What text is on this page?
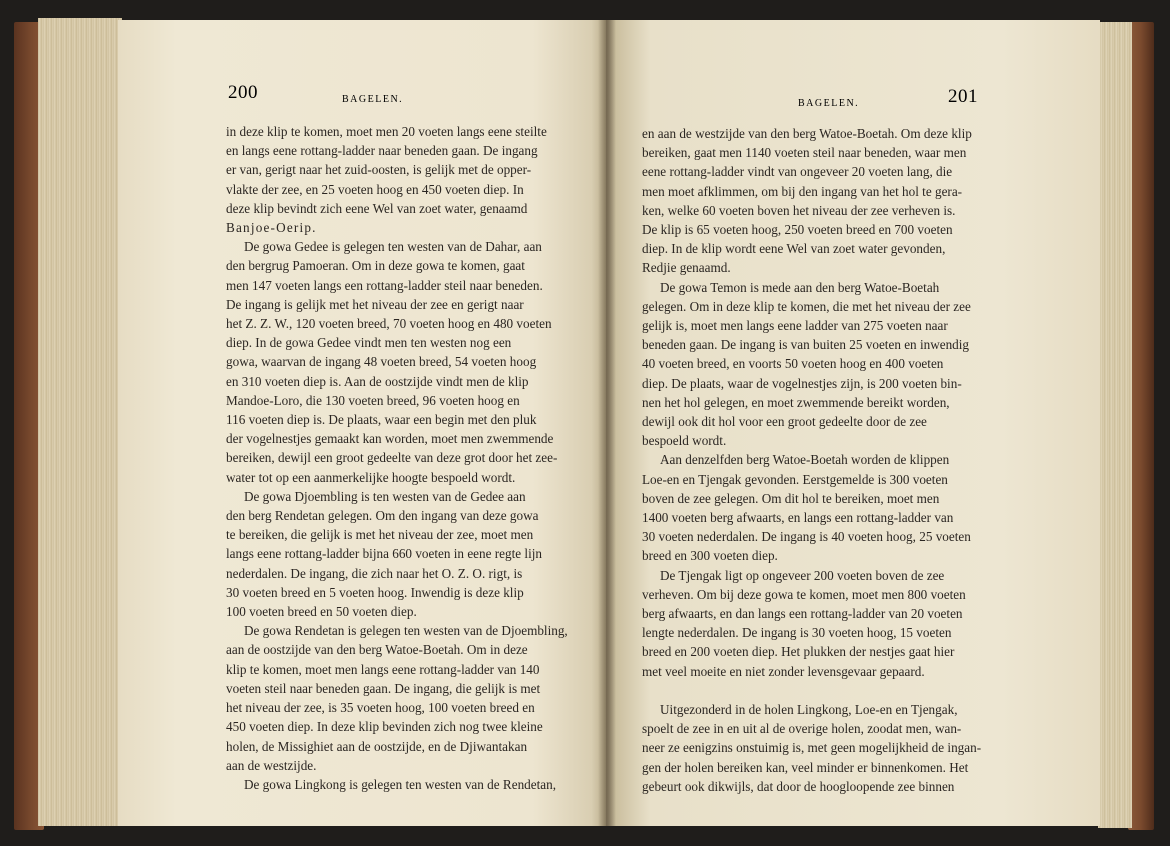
200	BAGELEN.
in deze klip te komen, moet men 20 voeten langs eene steilte
en langs eene rottang-ladder naar beneden gaan. De ingang
er van, gerigt naar het zuid-oosten, is gelijk met de opper-
vlakte der zee, en 25 voeten hoog en 450 voeten diep. In
deze klip bevindt zich eene Wel van zoet water, genaamd
Banjoe-Oerip.
De gowa Gedee is gelegen ten westen van de Dahar, aan
den bergrug Pamoeran. Om in deze gowa te komen, gaat
men 147 voeten langs een rottang-ladder steil naar beneden.
De ingang is gelijk met het niveau der zee en gerigt naar
het Z. Z. W., 120 voeten breed, 70 voeten hoog en 480 voeten
diep. In de gowa Gedee vindt men ten westen nog een
gowa, waarvan de ingang 48 voeten breed, 54 voeten hoog
en 310 voeten diep is. Aan de oostzijde vindt men de klip
Mandoe-Loro, die 130 voeten breed, 96 voeten hoog en
116 voeten diep is. De plaats, waar een begin met den pluk
der vogelnestjes gemaakt kan worden, moet men zwemmende
bereiken, dewijl een groot gedeelte van deze grot door het zee-
water tot op een aanmerkelijke hoogte bespoeld wordt.
De gowa Djoembling is ten westen van de Gedee aan
den berg Rendetan gelegen. Om den ingang van deze gowa
te bereiken, die gelijk is met het niveau der zee, moet men
langs eene rottang-ladder bijna 660 voeten in eene regte lijn
nederdalen. De ingang, die zich naar het O. Z. O. rigt, is
30 voeten breed en 5 voeten hoog. Inwendig is deze klip
100 voeten breed en 50 voeten diep.
De gowa Rendetan is gelegen ten westen van de Djoembling,
aan de oostzijde van den berg Watoe-Boetah. Om in deze
klip te komen, moet men langs eene rottang-ladder van 140
voeten steil naar beneden gaan. De ingang, die gelijk is met
het niveau der zee, is 35 voeten hoog, 100 voeten breed en
450 voeten diep. In deze klip bevinden zich nog twee kleine
holen, de Missighiet aan de oostzijde, en de Djiwantakan
aan de westzijde.
De gowa Lingkong is gelegen ten westen van de Rendetan,
BAGELEN.	201
en aan de westzijde van den berg Watoe-Boetah. Om deze klip
bereiken, gaat men 1140 voeten steil naar beneden, waar men
eene rottang-ladder vindt van ongeveer 20 voeten lang, die
men moet afklimmen, om bij den ingang van het hol te gera-
ken, welke 60 voeten boven het niveau der zee verheven is.
De klip is 65 voeten hoog, 250 voeten breed en 700 voeten
diep. In de klip wordt eene Wel van zoet water gevonden,
Redjie genaamd.
De gowa Temon is mede aan den berg Watoe-Boetah
gelegen. Om in deze klip te komen, die met het niveau der zee
gelijk is, moet men langs eene ladder van 275 voeten naar
beneden gaan. De ingang is van buiten 25 voeten en inwendig
40 voeten breed, en voorts 50 voeten hoog en 400 voeten
diep. De plaats, waar de vogelnestjes zijn, is 200 voeten bin-
nen het hol gelegen, en moet zwemmende bereikt worden,
dewijl ook dit hol voor een groot gedeelte door de zee
bespoeld wordt.
Aan denzelfden berg Watoe-Boetah worden de klippen
Loe-en en Tjengak gevonden. Eerstgemelde is 300 voeten
boven de zee gelegen. Om dit hol te bereiken, moet men
1400 voeten berg afwaarts, en langs een rottang-ladder van
30 voeten nederdalen. De ingang is 40 voeten hoog, 25 voeten
breed en 300 voeten diep.
De Tjengak ligt op ongeveer 200 voeten boven de zee
verheven. Om bij deze gowa te komen, moet men 800 voeten
berg afwaarts, en dan langs een rottang-ladder van 20 voeten
lengte nederdalen. De ingang is 30 voeten hoog, 15 voeten
breed en 200 voeten diep. Het plukken der nestjes gaat hier
met veel moeite en niet zonder levensgevaar gepaard.
Uitgezonderd in de holen Lingkong, Loe-en en Tjengak,
spoelt de zee in en uit al de overige holen, zoodat men, wan-
neer ze eenigzins onstuimig is, met geen mogelijkheid de ingan-
gen der holen bereiken kan, veel minder er binnenkomen. Het
gebeurt ook dikwijls, dat door de hoogloopende zee binnen
